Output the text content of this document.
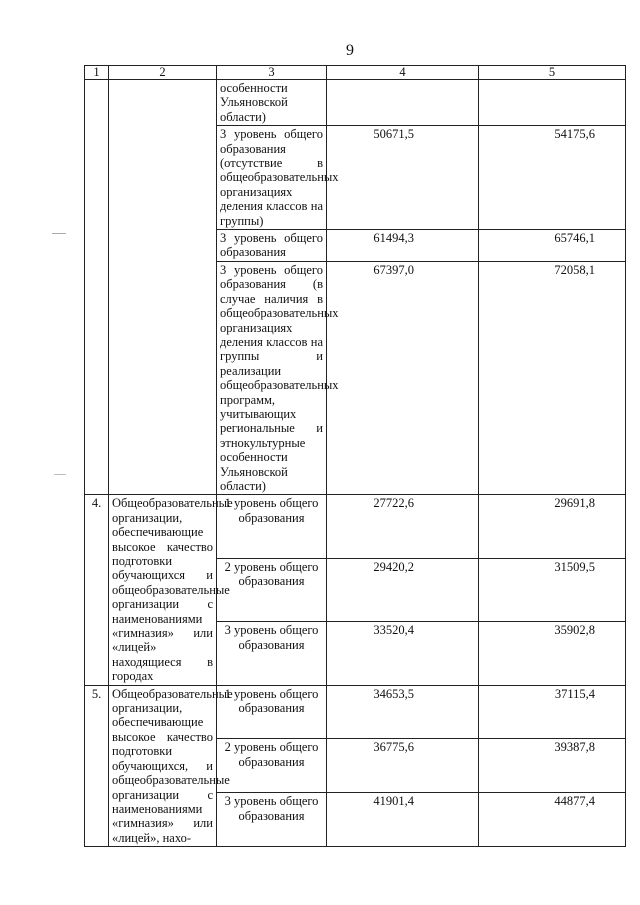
9
1	2	3	4	5
		особенности Ульяновской области)		
		3 уровень общего образования (отсутствие в общеобразовательных организациях деления классов на группы)	50671,5	54175,6
		3 уровень общего образования	61494,3	65746,1
		3 уровень общего образования (в случае наличия в общеобразовательных организациях деления классов на группы и реализации общеобразовательных программ, учитывающих региональные и этнокультурные особенности Ульяновской области)	67397,0	72058,1
4.	Общеобразовательные организации, обеспечивающие высокое качество подготовки обучающихся и общеобразовательные организации с наименованиями «гимназия» или «лицей» находящиеся в городах	1 уровень общего образования	27722,6	29691,8
		2 уровень общего образования	29420,2	31509,5
		3 уровень общего образования	33520,4	35902,8
5.	Общеобразовательные организации, обеспечивающие высокое качество подготовки обучающихся, и общеобразовательные организации с наименованиями «гимназия» или «лицей», нахо-	1 уровень общего образования	34653,5	37115,4
		2 уровень общего образования	36775,6	39387,8
		3 уровень общего образования	41901,4	44877,4
